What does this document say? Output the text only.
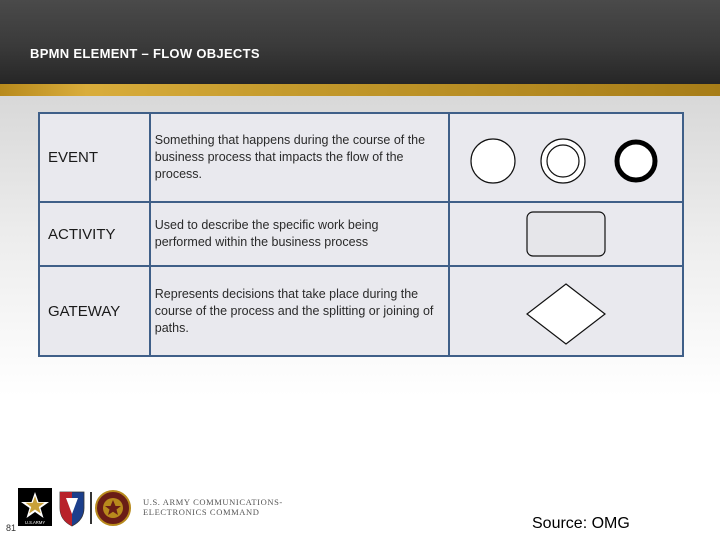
BPMN ELEMENT – FLOW OBJECTS
EVENT	Something that happens during the course of the business process that impacts the flow of the process.	

ACTIVITY	Used to describe the specific work being performed within the business process	

GATEWAY	Represents decisions that take place during the course of the process and the splitting or joining of paths.	
81
U.S.ARMY
U.S. ARMY COMMUNICATIONS-
ELECTRONICS COMMAND
Source: OMG
